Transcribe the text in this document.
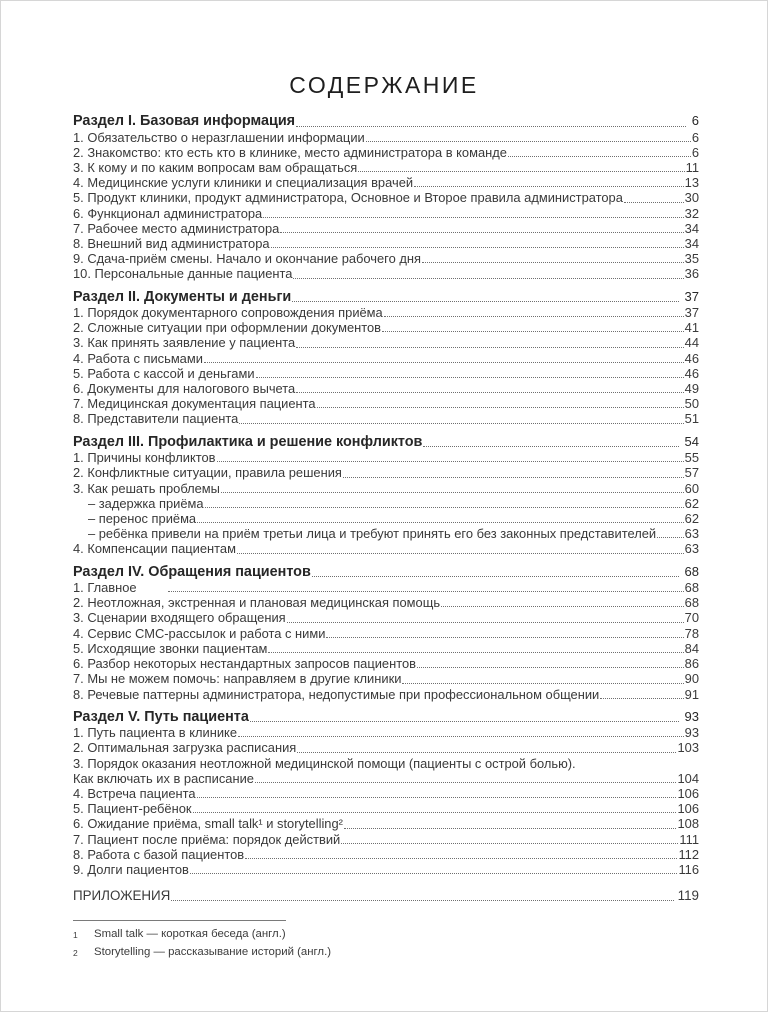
СОДЕРЖАНИЕ
Раздел I. Базовая информация	6
1. Обязательство о неразглашении информации	6
2. Знакомство: кто есть кто в клинике, место администратора в команде	6
3. К кому и по каким вопросам вам обращаться	11
4. Медицинские услуги клиники и специализация врачей	13
5. Продукт клиники, продукт администратора, Основное и Второе правила администратора	30
6. Функционал администратора	32
7. Рабочее место администратора	34
8. Внешний вид администратора	34
9. Сдача-приём смены. Начало и окончание рабочего дня	35
10. Персональные данные пациента	36
Раздел II. Документы и деньги	37
1. Порядок документарного сопровождения приёма	37
2. Сложные ситуации при оформлении документов	41
3. Как принять заявление у пациента	44
4. Работа с письмами	46
5. Работа с кассой и деньгами	46
6. Документы для налогового вычета	49
7. Медицинская документация пациента	50
8. Представители пациента	51
Раздел III. Профилактика и решение конфликтов	54
1. Причины конфликтов	55
2. Конфликтные ситуации, правила решения	57
3. Как решать проблемы	60
– задержка приёма	62
– перенос приёма	62
– ребёнка привели на приём третьи лица и требуют принять его без законных представителей 63
4. Компенсации пациентам	63
Раздел IV. Обращения пациентов	68
1. Главное	68
2. Неотложная, экстренная и плановая медицинская помощь	68
3. Сценарии входящего обращения	70
4. Сервис СМС-рассылок и работа с ними	78
5. Исходящие звонки пациентам	84
6. Разбор некоторых нестандартных запросов пациентов	86
7. Мы не можем помочь: направляем в другие клиники	90
8. Речевые паттерны администратора, недопустимые при профессиональном общении	91
Раздел V. Путь пациента	93
1. Путь пациента в клинике	93
2. Оптимальная загрузка расписания	103
3. Порядок оказания неотложной медицинской помощи (пациенты с острой болью).
Как включать их в расписание	104
4. Встреча пациента	106
5. Пациент-ребёнок	106
6. Ожидание приёма, small talk¹ и storytelling²	108
7. Пациент после приёма: порядок действий	111
8. Работа с базой пациентов	112
9. Долги пациентов	116
ПРИЛОЖЕНИЯ	119
1	Small talk — короткая беседа (англ.)
2	Storytelling — рассказывание историй (англ.)
